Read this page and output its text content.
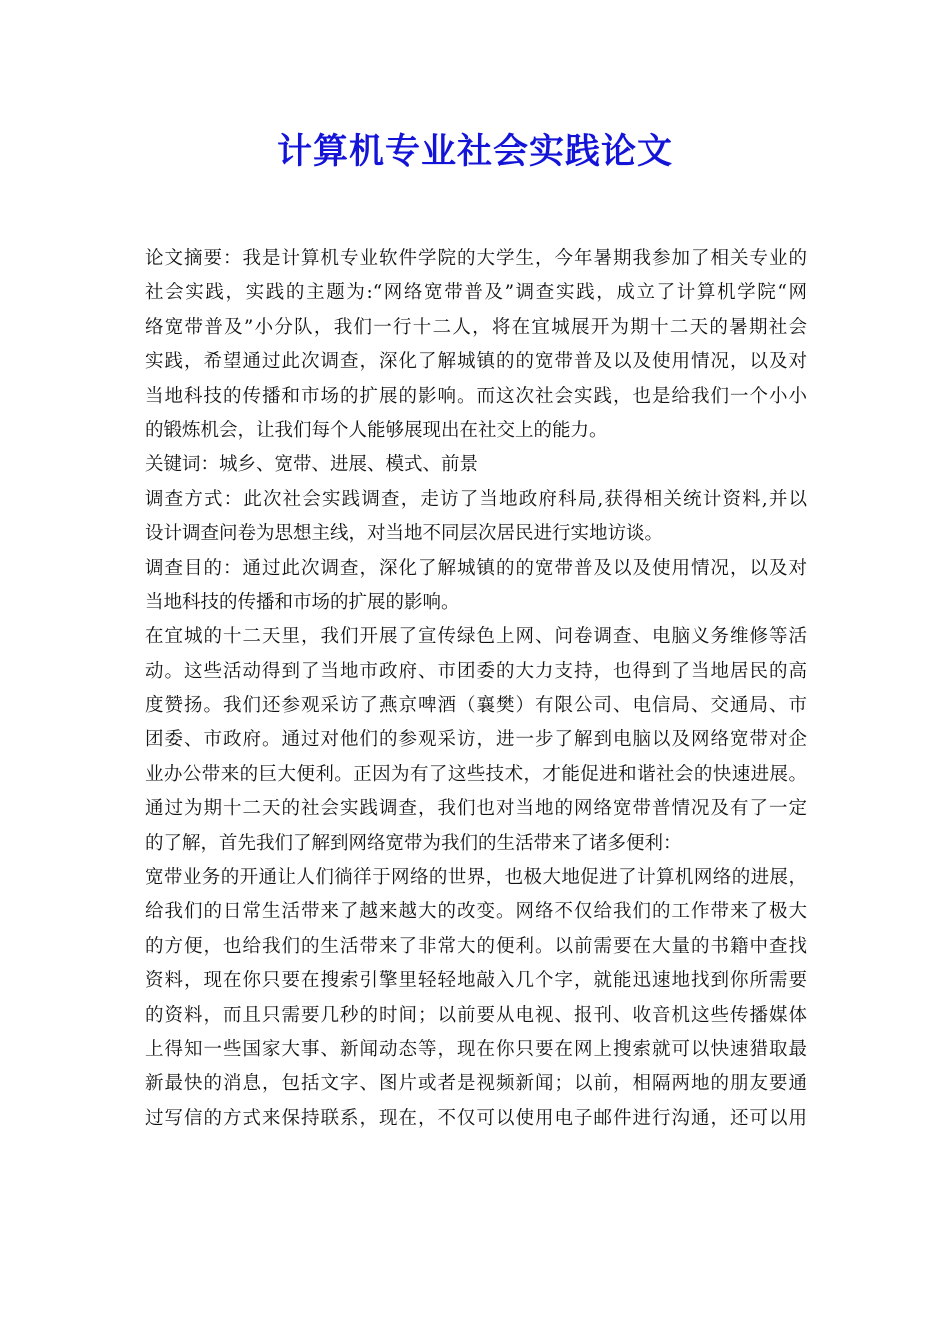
计算机专业社会实践论文
论文摘要：我是计算机专业软件学院的大学生，今年暑期我参加了相关专业的
社会实践，实践的主题为:“网络宽带普及”调查实践，成立了计算机学院“网
络宽带普及”小分队，我们一行十二人，将在宜城展开为期十二天的暑期社会
实践，希望通过此次调查，深化了解城镇的的宽带普及以及使用情况，以及对
当地科技的传播和市场的扩展的影响。而这次社会实践，也是给我们一个小小
的锻炼机会，让我们每个人能够展现出在社交上的能力。
关键词：城乡、宽带、进展、模式、前景
调查方式：此次社会实践调查，走访了当地政府科局,获得相关统计资料,并以
设计调查问卷为思想主线，对当地不同层次居民进行实地访谈。
调查目的：通过此次调查，深化了解城镇的的宽带普及以及使用情况，以及对
当地科技的传播和市场的扩展的影响。
在宜城的十二天里，我们开展了宣传绿色上网、问卷调查、电脑义务维修等活
动。这些活动得到了当地市政府、市团委的大力支持，也得到了当地居民的高
度赞扬。我们还参观采访了燕京啤酒（襄樊）有限公司、电信局、交通局、市
团委、市政府。通过对他们的参观采访，进一步了解到电脑以及网络宽带对企
业办公带来的巨大便利。正因为有了这些技术，才能促进和谐社会的快速进展。
通过为期十二天的社会实践调查，我们也对当地的网络宽带普情况及有了一定
的了解，首先我们了解到网络宽带为我们的生活带来了诸多便利：
宽带业务的开通让人们徜徉于网络的世界，也极大地促进了计算机网络的进展，
给我们的日常生活带来了越来越大的改变。网络不仅给我们的工作带来了极大
的方便，也给我们的生活带来了非常大的便利。以前需要在大量的书籍中查找
资料，现在你只要在搜索引擎里轻轻地敲入几个字，就能迅速地找到你所需要
的资料，而且只需要几秒的时间；以前要从电视、报刊、收音机这些传播媒体
上得知一些国家大事、新闻动态等，现在你只要在网上搜索就可以快速猎取最
新最快的消息，包括文字、图片或者是视频新闻；以前，相隔两地的朋友要通
过写信的方式来保持联系，现在，不仅可以使用电子邮件进行沟通，还可以用
